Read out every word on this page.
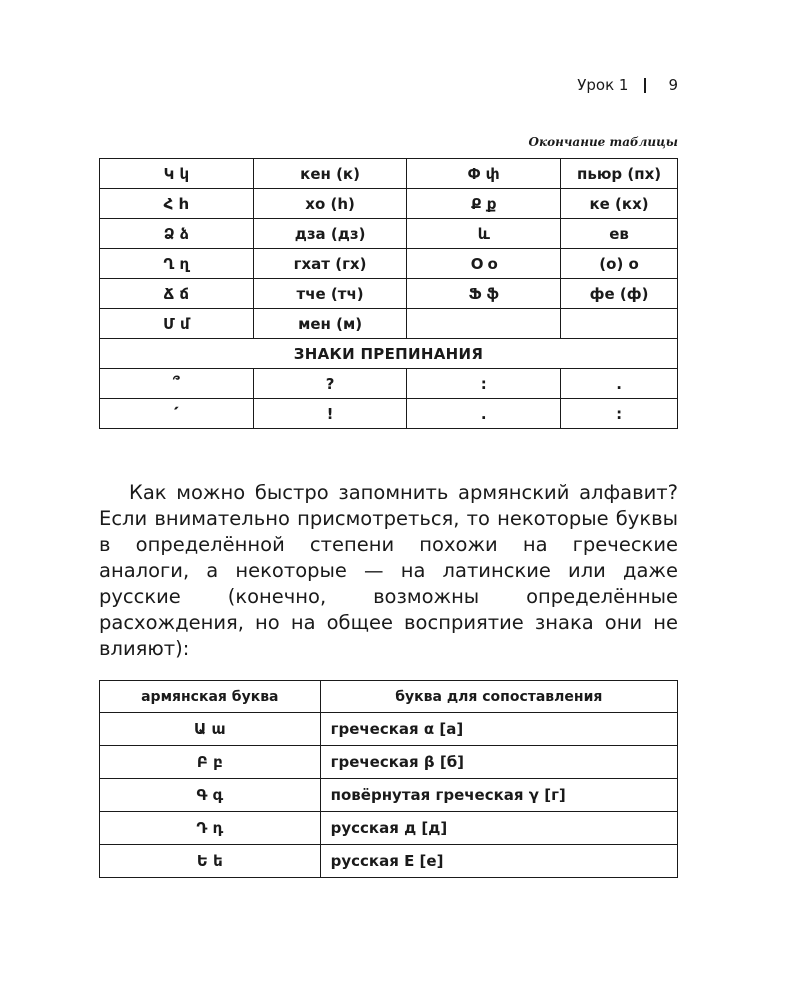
Урок 1	9
Окончание таблицы
Կ կ	кен (к)	Փ փ	пьюр (пх)
Հ h	хо (h)	Ք ք	ке (кх)
Ձ ձ	дза (дз)	և	ев
Ղ ղ	гхат (гх)	Օ օ	(о) о
Ճ ճ	тче (тч)	Ֆ ֆ	фе (ф)
Մ մ	мен (м)		
ЗНАКИ ПРЕПИНАНИЯ			
՞	?	:	.
՛	!	.	:
Как можно быстро запомнить армянский алфавит? Если внимательно присмотреться, то некоторые буквы в определённой степени похожи на греческие аналоги, а некоторые — на латинские или даже русские (конечно, возможны определённые расхождения, но на общее восприятие знака они не влияют):
армянская буква	буква для сопоставления
Ա ա	греческая α [а]
Բ բ	греческая β [б]
Գ գ	повёрнутая греческая γ [г]
Դ դ	русская д [д]
Ե ե	русская Е [е]
